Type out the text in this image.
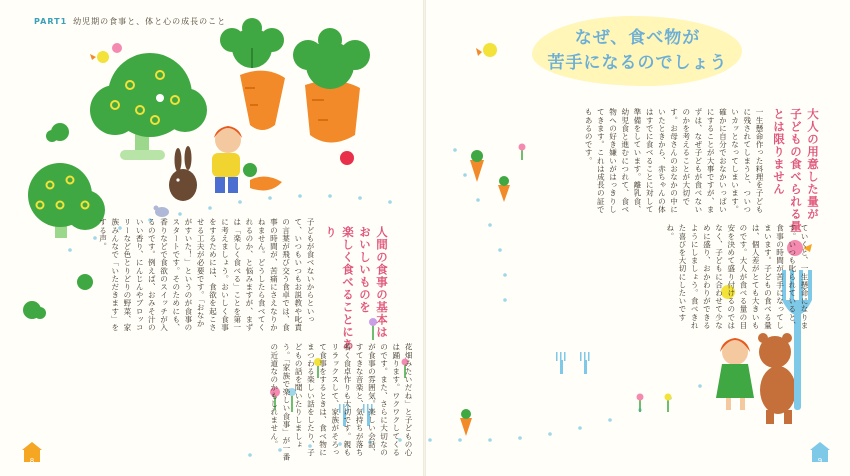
PART1 幼児期の食事と、体と心の成長のこと
人間の食事の基本は
おいしいものを
楽しく食べることにあり
子どもが食べないからといって、いつもいつもお説教や叱責の言葉が飛び交う食卓では、食事の時間が、苦痛にさえなりかねません。どうしたら食べてくれるのか、と悩みますが、まずは「楽しく食べる」ことを第一に考えましょう。おいしく食事をするためには、食欲を起こさせる工夫が必要です。「おなかがすいた！」というのが食事のスタートです。そのためにも、香りなどで食欲のスイッチが入るのです。例えば、おみそ汁のいい香り、にんじんやブロッコリーなど色とりどりの野菜、家族みんなで「いただきます」をする声。
花畑みたいだね」と子どもの心は踊ります。ワクワクしてくるのです。また、さらに大切なのが食事の雰囲気。楽しい会話、すてきな音楽と、気持ちが落ち着く食卓作りも大切です。親もリラックスして、家族がそろって食事をするときは、食べ物にまつわる楽しい話をしたり、子どもの話を聞いたりしましょう。「家族で楽しい食事」が一番の近道なのかもしれません。
8
なぜ、食べ物が
苦手になるのでしょう
大人の用意した量が
子どもの食べられる量
とは限りません
一生懸命作った料理を子どもに残されてしまうと、ついついカッとなってしまいます。確かに自分でおなかいっぱいにすることが大事ですが、まずは、なぜ子どもが食べないのかを考えることが大切です。お母さんのおなかの中にいたときから、赤ちゃんの体はすでに食べることに対して準備をしています。離乳食、幼児食と進むにつれて、食べ物への好き嫌いがはっきりしてきます。これは成長の証でもあるのです。
ていくと、一生懸命になります。いつも叱られていると、食事の時間が苦手になってしまいます。子どもの食べる量は、個人差がとても大きいものです。大人が食べる量の目安を決めて盛り付けるのではなく、子どもに合わせて少なめに盛り、おかわりができるようにしましょう。食べきれた喜びを大切にしたいですね。
9
